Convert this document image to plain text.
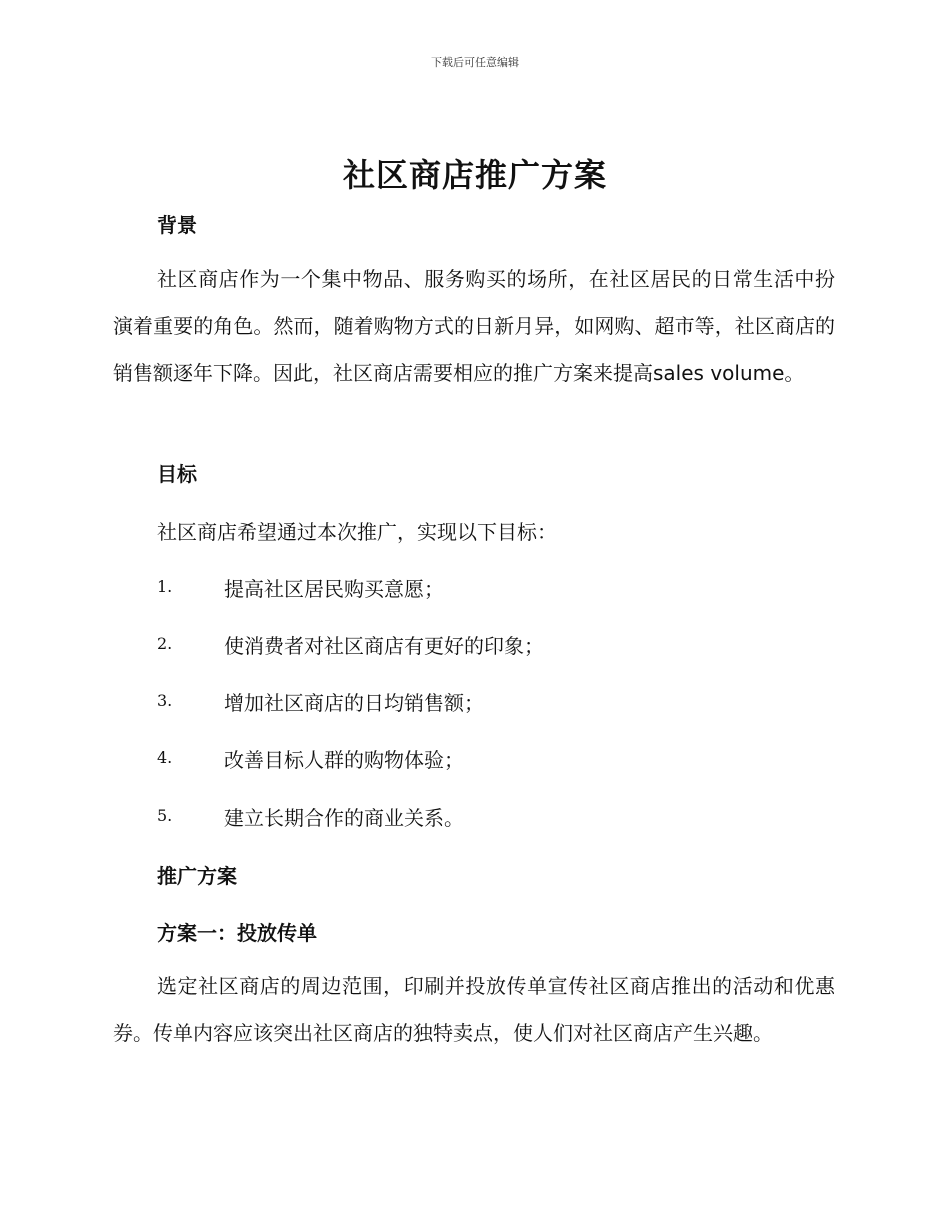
下载后可任意编辑
社区商店推广方案
背景
社区商店作为一个集中物品、服务购买的场所，在社区居民的日常生活中扮演着重要的角色。然而，随着购物方式的日新月异，如网购、超市等，社区商店的销售额逐年下降。因此，社区商店需要相应的推广方案来提高sales volume。
目标
社区商店希望通过本次推广，实现以下目标：
1.	提高社区居民购买意愿；
2.	使消费者对社区商店有更好的印象；
3.	增加社区商店的日均销售额；
4.	改善目标人群的购物体验；
5.	建立长期合作的商业关系。
推广方案
方案一：投放传单
选定社区商店的周边范围，印刷并投放传单宣传社区商店推出的活动和优惠券。传单内容应该突出社区商店的独特卖点，使人们对社区商店产生兴趣。
